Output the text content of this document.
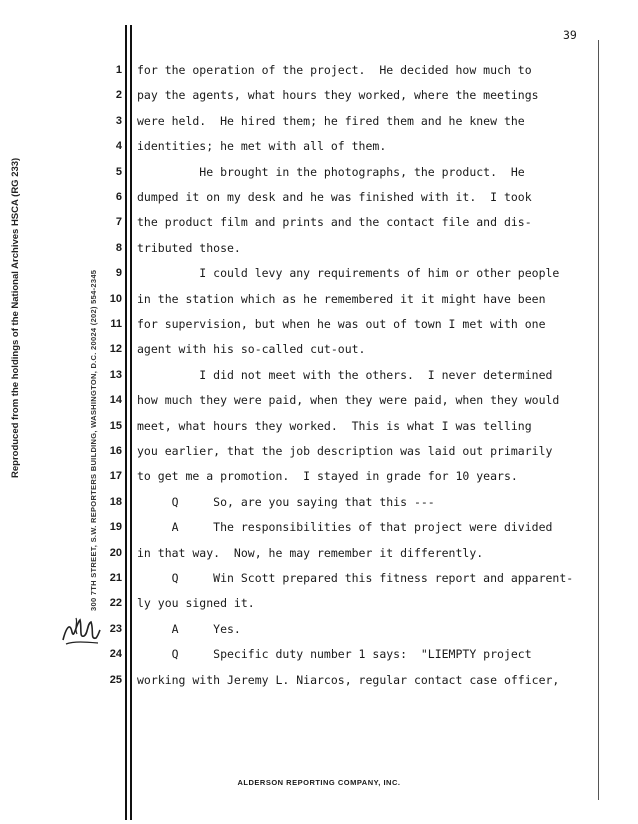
Reproduced from the holdings of the National Archives HSCA (RG 233)	300 7TH STREET, S.W. REPORTERS BUILDING, WASHINGTON, D.C. 20024 (202) 554-2345
39
1 for the operation of the project.  He decided how much to
2 pay the agents, what hours they worked, where the meetings
3 were held.  He hired them; he fired them and he knew the
4 identities; he met with all of them.
5 He brought in the photographs, the product.  He
6 dumped it on my desk and he was finished with it.  I took
7 the product film and prints and the contact file and dis-
8 tributed those.
9 I could levy any requirements of him or other people
10 in the station which as he remembered it it might have been
11 for supervision, but when he was out of town I met with one
12 agent with his so-called cut-out.
13 I did not meet with the others.  I never determined
14 how much they were paid, when they were paid, when they would
15 meet, what hours they worked.  This is what I was telling
16 you earlier, that the job description was laid out primarily
17 to get me a promotion.  I stayed in grade for 10 years.
18 Q     So, are you saying that this ---
19 A     The responsibilities of that project were divided
20 in that way.  Now, he may remember it differently.
21 Q     Win Scott prepared this fitness report and apparent-
22 ly you signed it.
23 A     Yes.
24 Q     Specific duty number 1 says:  "LIEMPTY project
25 working with Jeremy L. Niarcos, regular contact case officer,
ALDERSON REPORTING COMPANY, INC.
